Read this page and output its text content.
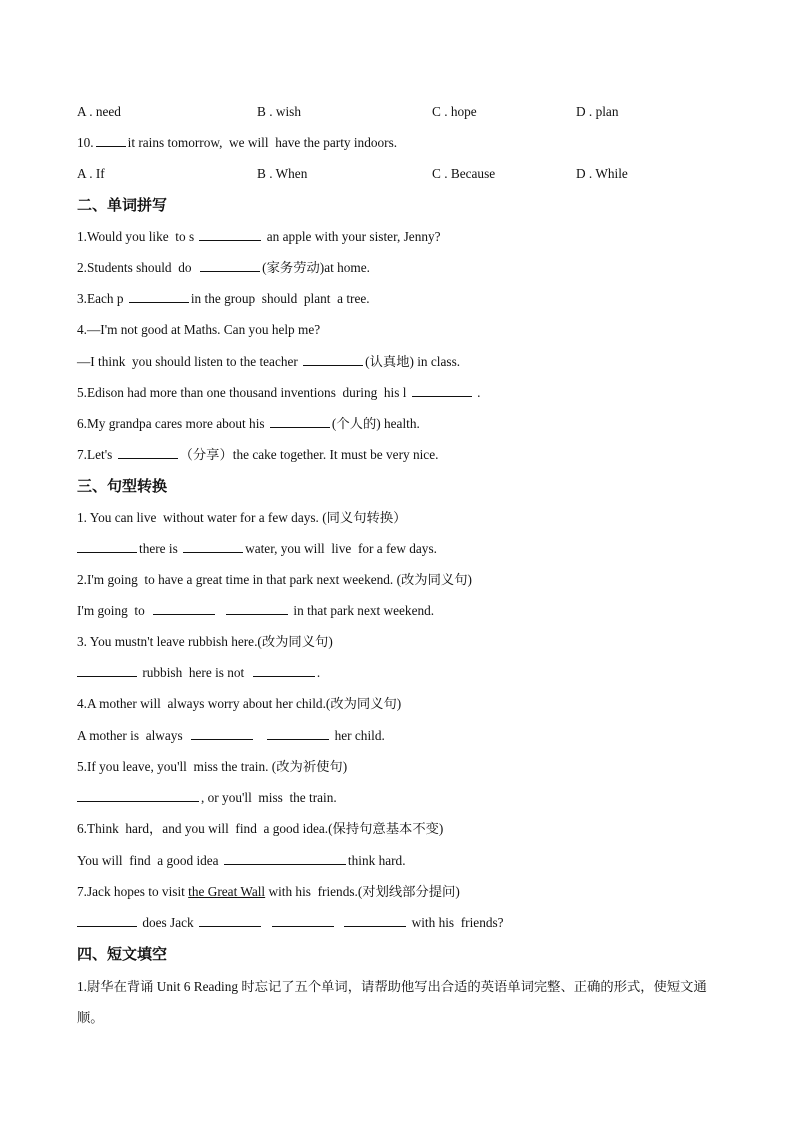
A . need	B . wish	C . hope	D . plan
10.	it rains tomorrow,  we will  have the party indoors.
A . If	B . When	C . Because	D . While
二、单词拼写
1.Would you like  to s	an apple with your sister, Jenny?
2.Students should  do	(家务劳动)at home.
3.Each p	in the group  should  plant  a tree.
4.—I'm not good at Maths. Can you help me?
—I think  you should listen to the teacher	(认真地) in class.
5.Edison had more than one thousand inventions  during  his l	.
6.My grandpa cares more about his	(个人的) health.
7.Let's	（分享）the cake together. It must be very nice.
三、句型转换
1. You can live  without water for a few days. (同义句转换）
there is	water, you will  live  for a few days.
2.I'm going  to have a great time in that park next weekend. (改为同义句)
I'm going  to	in that park next weekend.
3. You mustn't leave rubbish here.(改为同义句)
rubbish  here is not	.
4.A mother will  always worry about her child.(改为同义句)
A mother is  always	her child.
5.If you leave, you'll  miss the train. (改为祈使句)
, or you'll  miss  the train.
6.Think  hard，and you will  find  a good idea.(保持句意基本不变)
You will  find  a good idea	think hard.
7.Jack hopes to visit the Great Wall with his  friends.(对划线部分提问)
does Jack	with his  friends?
四、短文填空
1.尉华在背诵 Unit 6 Reading 时忘记了五个单词，请帮助他写出合适的英语单词完整、正确的形式，使短文通顺。
